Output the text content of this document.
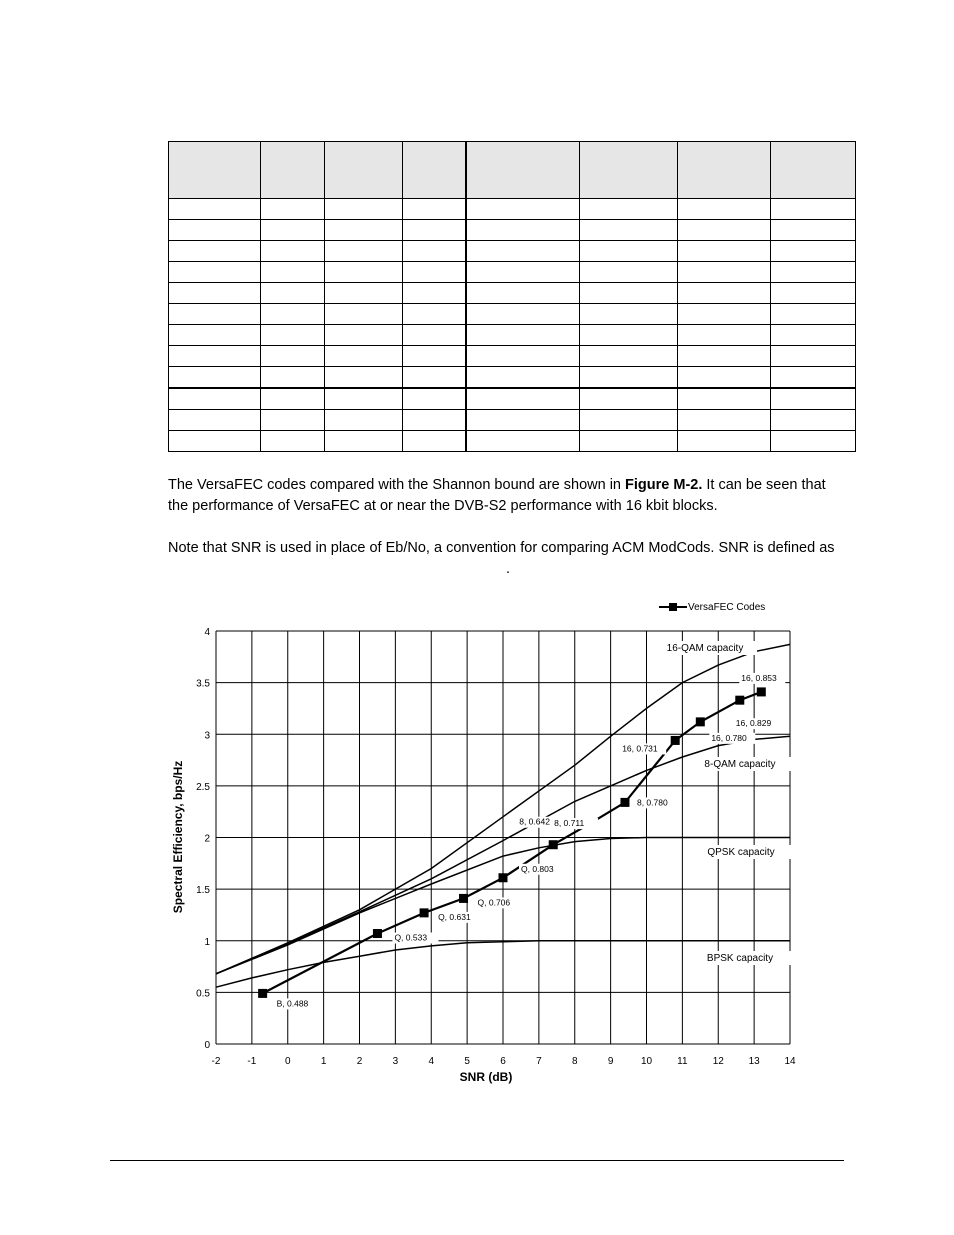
The VersaFEC codes compared with the Shannon bound are shown in Figure M-2. It can be seen that the performance of VersaFEC at or near the DVB-S2 performance with 16 kbit blocks.

Note that SNR is used in place of Eb/No, a convention for comparing ACM ModCods. SNR is defined as.

-2	-1	0	1	2	3	4	5	6	7	8	9	10	11	12 13 14
0
0.5
1
1.5
2
2.5
3
3.5
4
SNR (dB)
Spectral Efficiency, bps/Hz
16-QAM capacity
8-QAM capacity
QPSK capacity
BPSK capacity
B, 0.488
Q, 0.533
Q, 0.631
Q, 0.706
Q, 0.803
8, 0.642 8, 0.711
8, 0.780
16, 0.731
16, 0.780
16, 0.829
16, 0.853
VersaFEC Codes
